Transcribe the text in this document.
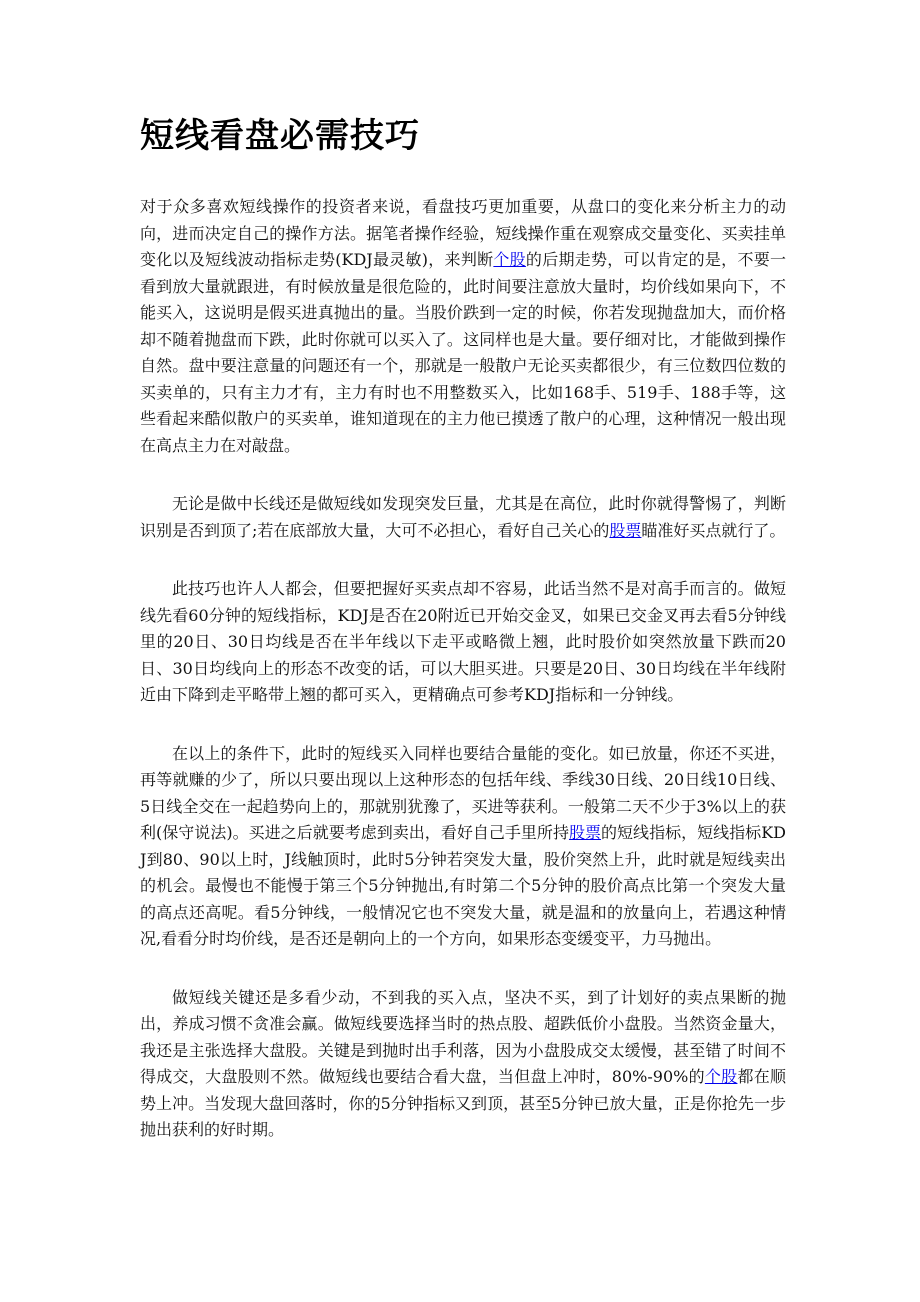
短线看盘必需技巧

对于众多喜欢短线操作的投资者来说，看盘技巧更加重要，从盘口的变化来分析主力的动向，进而决定自己的操作方法。据笔者操作经验，短线操作重在观察成交量变化、买卖挂单变化以及短线波动指标走势(KDJ最灵敏)，来判断个股的后期走势，可以肯定的是，不要一看到放大量就跟进，有时候放量是很危险的，此时间要注意放大量时，均价线如果向下，不能买入，这说明是假买进真抛出的量。当股价跌到一定的时候，你若发现抛盘加大，而价格却不随着抛盘而下跌，此时你就可以买入了。这同样也是大量。要仔细对比，才能做到操作自然。盘中要注意量的问题还有一个，那就是一般散户无论买卖都很少，有三位数四位数的买卖单的，只有主力才有，主力有时也不用整数买入，比如168手、519手、188手等，这些看起来酷似散户的买卖单，谁知道现在的主力他已摸透了散户的心理，这种情况一般出现在高点主力在对敲盘。

无论是做中长线还是做短线如发现突发巨量，尤其是在高位，此时你就得警惕了，判断识别是否到顶了;若在底部放大量，大可不必担心，看好自己关心的股票瞄准好买点就行了。

此技巧也许人人都会，但要把握好买卖点却不容易，此话当然不是对高手而言的。做短线先看60分钟的短线指标，KDJ是否在20附近已开始交金叉，如果已交金叉再去看5分钟线里的20日、30日均线是否在半年线以下走平或略微上翘，此时股价如突然放量下跌而20日、30日均线向上的形态不改变的话，可以大胆买进。只要是20日、30日均线在半年线附近由下降到走平略带上翘的都可买入，更精确点可参考KDJ指标和一分钟线。

在以上的条件下，此时的短线买入同样也要结合量能的变化。如已放量，你还不买进，再等就赚的少了，所以只要出现以上这种形态的包括年线、季线30日线、20日线10日线、5日线全交在一起趋势向上的，那就别犹豫了，买进等获利。一般第二天不少于3%以上的获利(保守说法)。买进之后就要考虑到卖出，看好自己手里所持股票的短线指标，短线指标KDJ到80、90以上时，J线触顶时，此时5分钟若突发大量，股价突然上升，此时就是短线卖出的机会。最慢也不能慢于第三个5分钟抛出,有时第二个5分钟的股价高点比第一个突发大量的高点还高呢。看5分钟线，一般情况它也不突发大量，就是温和的放量向上，若遇这种情况,看看分时均价线，是否还是朝向上的一个方向，如果形态变缓变平，力马抛出。

做短线关键还是多看少动，不到我的买入点，坚决不买，到了计划好的卖点果断的抛出，养成习惯不贪准会赢。做短线要选择当时的热点股、超跌低价小盘股。当然资金量大，我还是主张选择大盘股。关键是到抛时出手利落，因为小盘股成交太缓慢，甚至错了时间不得成交，大盘股则不然。做短线也要结合看大盘，当但盘上冲时，80%-90%的个股都在顺势上冲。当发现大盘回落时，你的5分钟指标又到顶，甚至5分钟已放大量，正是你抢先一步抛出获利的好时期。
